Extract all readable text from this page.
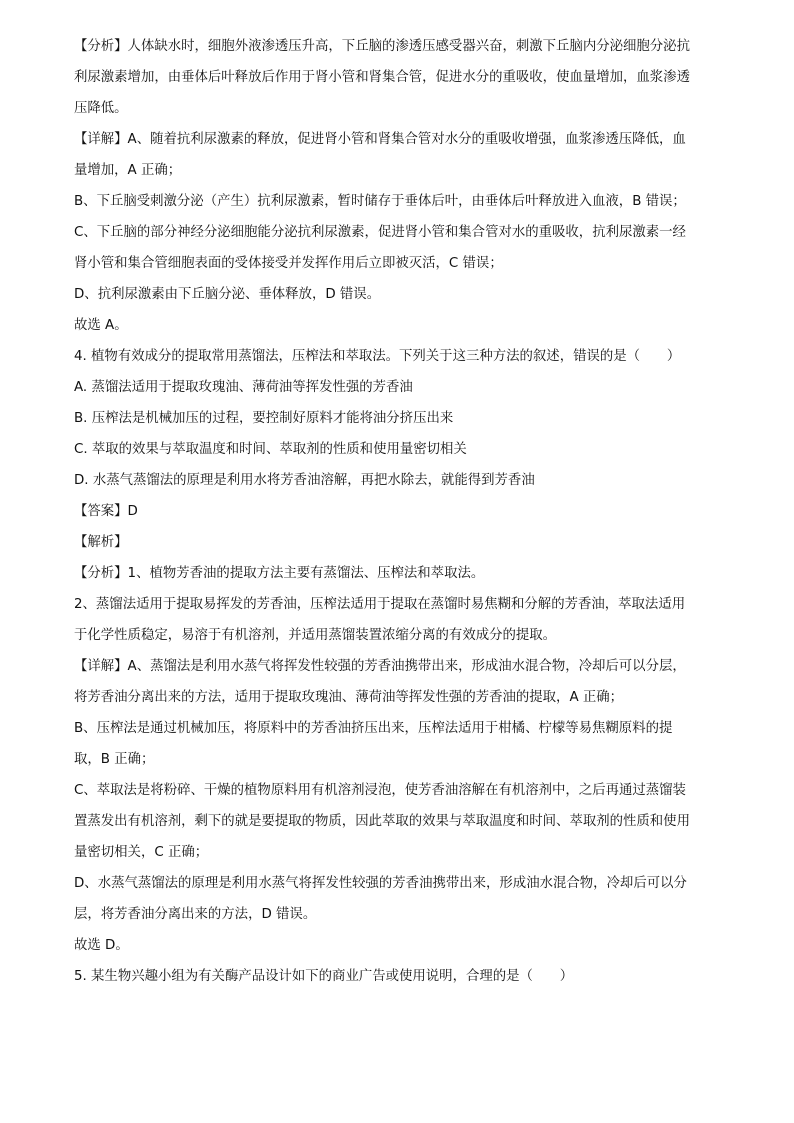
【分析】人体缺水时，细胞外液渗透压升高，下丘脑的渗透压感受器兴奋，刺激下丘脑内分泌细胞分泌抗
利尿激素增加，由垂体后叶释放后作用于肾小管和肾集合管，促进水分的重吸收，使血量增加，血浆渗透
压降低。
【详解】A、随着抗利尿激素的释放，促进肾小管和肾集合管对水分的重吸收增强，血浆渗透压降低，血
量增加，A 正确；
B、下丘脑受刺激分泌（产生）抗利尿激素，暂时储存于垂体后叶，由垂体后叶释放进入血液，B 错误；
C、下丘脑的部分神经分泌细胞能分泌抗利尿激素，促进肾小管和集合管对水的重吸收，抗利尿激素一经
肾小管和集合管细胞表面的受体接受并发挥作用后立即被灭活，C 错误；
D、抗利尿激素由下丘脑分泌、垂体释放，D 错误。
故选 A。
4. 植物有效成分的提取常用蒸馏法，压榨法和萃取法。下列关于这三种方法的叙述，错误的是（　　）
A. 蒸馏法适用于提取玫瑰油、薄荷油等挥发性强的芳香油
B. 压榨法是机械加压的过程，要控制好原料才能将油分挤压出来
C. 萃取的效果与萃取温度和时间、萃取剂的性质和使用量密切相关
D. 水蒸气蒸馏法的原理是利用水将芳香油溶解，再把水除去，就能得到芳香油
【答案】D
【解析】
【分析】1、植物芳香油的提取方法主要有蒸馏法、压榨法和萃取法。
2、蒸馏法适用于提取易挥发的芳香油，压榨法适用于提取在蒸馏时易焦糊和分解的芳香油，萃取法适用
于化学性质稳定，易溶于有机溶剂，并适用蒸馏装置浓缩分离的有效成分的提取。
【详解】A、蒸馏法是利用水蒸气将挥发性较强的芳香油携带出来，形成油水混合物，冷却后可以分层，
将芳香油分离出来的方法，适用于提取玫瑰油、薄荷油等挥发性强的芳香油的提取，A 正确；
B、压榨法是通过机械加压，将原料中的芳香油挤压出来，压榨法适用于柑橘、柠檬等易焦糊原料的提
取，B 正确；
C、萃取法是将粉碎、干燥的植物原料用有机溶剂浸泡，使芳香油溶解在有机溶剂中，之后再通过蒸馏装
置蒸发出有机溶剂，剩下的就是要提取的物质，因此萃取的效果与萃取温度和时间、萃取剂的性质和使用
量密切相关，C 正确；
D、水蒸气蒸馏法的原理是利用水蒸气将挥发性较强的芳香油携带出来，形成油水混合物，冷却后可以分
层，将芳香油分离出来的方法，D 错误。
故选 D。
5. 某生物兴趣小组为有关酶产品设计如下的商业广告或使用说明，合理的是（　　）
